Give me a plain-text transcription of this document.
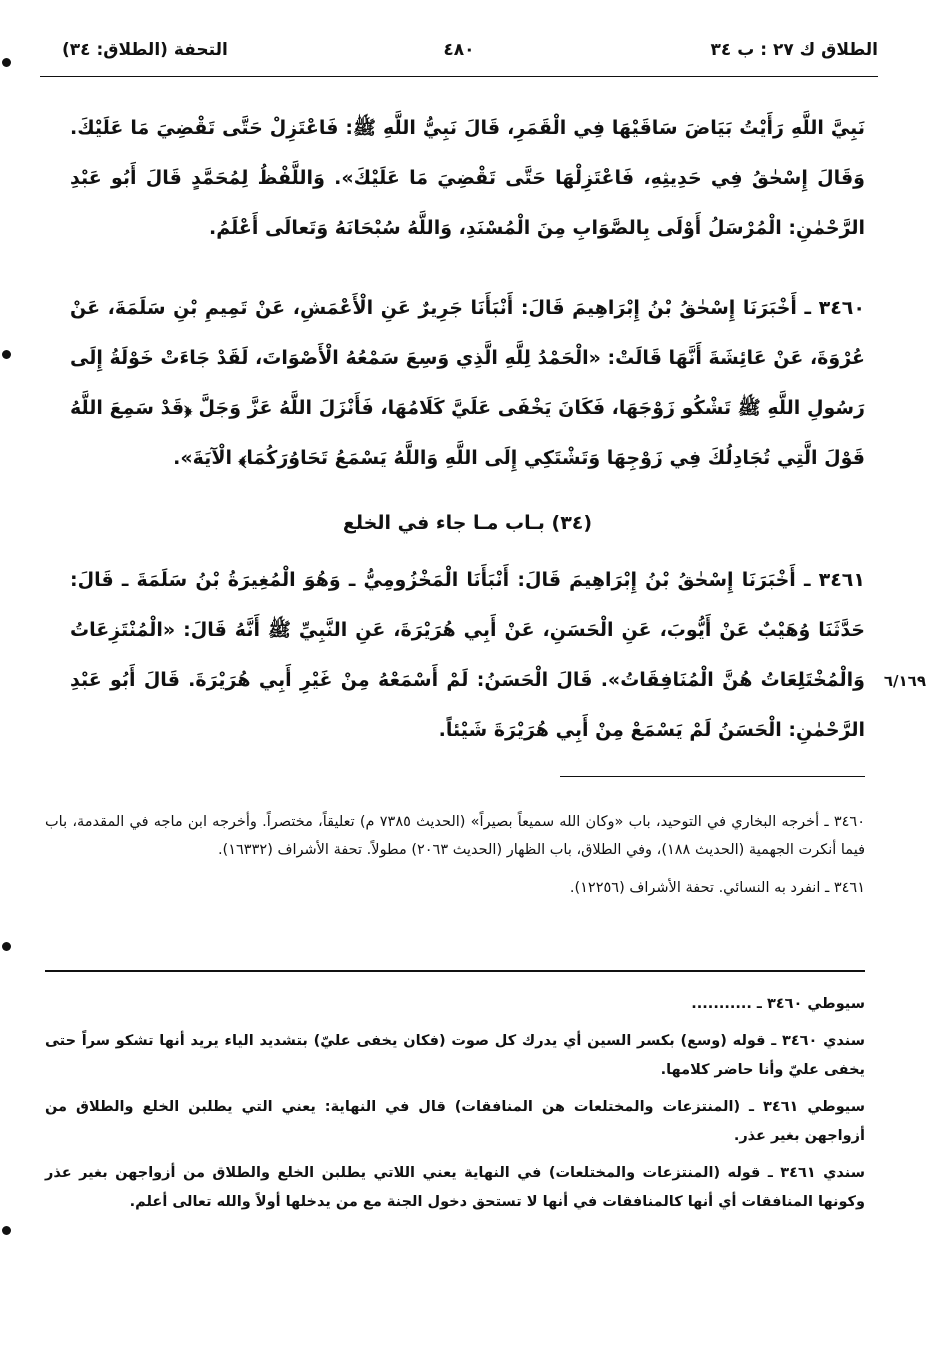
الطلاق ك ٢٧ : ب ٣٤
٤٨٠
التحفة (الطلاق: ٣٤)
نَبِيَّ اللَّهِ رَأَيْتُ بَيَاضَ سَاقَيْهَا فِي الْقَمَرِ، قَالَ نَبِيُّ اللَّهِ ﷺ: فَاعْتَزِلْ حَتَّى تَقْضِيَ مَا عَلَيْكَ. وَقَالَ إِسْحٰقُ فِي حَدِيثِهِ، فَاعْتَزِلْهَا حَتَّى تَقْضِيَ مَا عَلَيْكَ». وَاللَّفْظُ لِمُحَمَّدٍ قَالَ أَبُو عَبْدِ الرَّحْمٰنِ: الْمُرْسَلُ أَوْلَى بِالصَّوَابِ مِنَ الْمُسْنَدِ، وَاللَّهُ سُبْحَانَهُ وَتَعالَى أَعْلَمُ.
٣٤٦٠ ـ أَخْبَرَنَا إِسْحٰقُ بْنُ إِبْرَاهِيمَ قَالَ: أَنْبَأَنَا جَرِيرٌ عَنِ الْأَعْمَشِ، عَنْ تَمِيمِ بْنِ سَلَمَةَ، عَنْ عُرْوَةَ، عَنْ عَائِشَةَ أَنَّهَا قَالَتْ: «الْحَمْدُ لِلَّهِ الَّذِي وَسِعَ سَمْعُهُ الْأَصْوَاتَ، لَقَدْ جَاءَتْ خَوْلَةُ إِلَى رَسُولِ اللَّهِ ﷺ تَشْكُو زَوْجَهَا، فَكَانَ يَخْفَى عَلَيَّ كَلَامُهَا، فَأَنْزَلَ اللَّهُ عَزَّ وَجَلَّ ﴿قَدْ سَمِعَ اللَّهُ قَوْلَ الَّتِي تُجَادِلُكَ فِي زَوْجِهَا وَتَشْتَكِي إِلَى اللَّهِ وَاللَّهُ يَسْمَعُ تَحَاوُرَكُمَا﴾ الْآيَةَ».
(٣٤) بـاب مـا جاء في الخلع
٣٤٦١ ـ أَخْبَرَنَا إِسْحٰقُ بْنُ إِبْرَاهِيمَ قَالَ: أَنْبَأَنَا الْمَخْزُومِيُّ ـ وَهُوَ الْمُغِيرَةُ بْنُ سَلَمَةَ ـ قَالَ: حَدَّثَنَا وُهَيْبٌ عَنْ أَيُّوبَ، عَنِ الْحَسَنِ، عَنْ أَبِي هُرَيْرَةَ، عَنِ النَّبِيِّ ﷺ أَنَّهُ قَالَ: «الْمُنْتَزِعَاتُ وَالْمُخْتَلِعَاتُ هُنَّ الْمُنَافِقَاتُ». قَالَ الْحَسَنُ: لَمْ أَسْمَعْهُ مِنْ غَيْرِ أَبِي هُرَيْرَةَ. قَالَ أَبُو عَبْدِ الرَّحْمٰنِ: الْحَسَنُ لَمْ يَسْمَعْ مِنْ أَبِي هُرَيْرَةَ شَيْئاً.
٦/١٦٩

٣٤٦٠ ـ أخرجه البخاري في التوحيد، باب «وكان الله سميعاً بصيراً» (الحديث ٧٣٨٥ م) تعليقاً، مختصراً. وأخرجه ابن ماجه في المقدمة، باب فيما أنكرت الجهمية (الحديث ١٨٨)، وفي الطلاق، باب الظهار (الحديث ٢٠٦٣) مطولاً. تحفة الأشراف (١٦٣٣٢).

٣٤٦١ ـ انفرد به النسائي. تحفة الأشراف (١٢٢٥٦).

سيوطي ٣٤٦٠ ـ ...........

سندي ٣٤٦٠ ـ قوله (وسع) بكسر السين أي يدرك كل صوت (فكان يخفى عليّ) بتشديد الياء يريد أنها تشكو سراً حتى يخفى عليّ وأنا حاضر كلامها.

سيوطي ٣٤٦١ ـ (المنتزعات والمختلعات هن المنافقات) قال في النهاية: يعني التي يطلبن الخلع والطلاق من أزواجهن بغير عذر.

سندي ٣٤٦١ ـ قوله (المنتزعات والمختلعات) في النهاية يعني اللاتي يطلبن الخلع والطلاق من أزواجهن بغير عذر وكونها المنافقات أي أنها كالمنافقات في أنها لا تستحق دخول الجنة مع من يدخلها أولاً والله تعالى أعلم.
